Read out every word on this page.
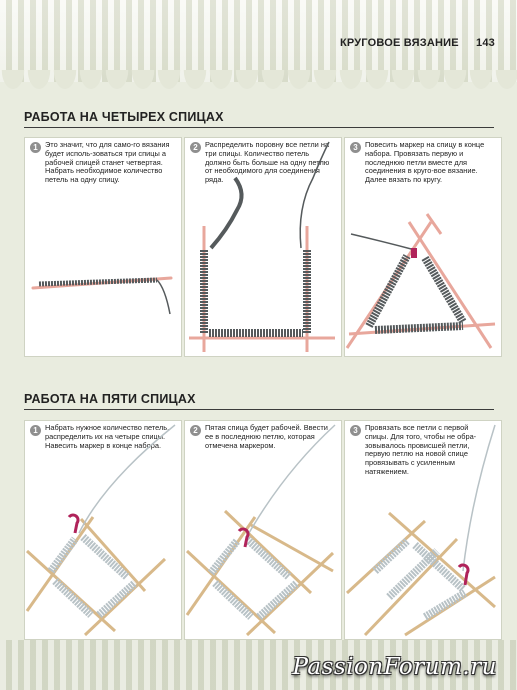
КРУГОВОЕ ВЯЗАНИЕ 143
РАБОТА НА ЧЕТЫРЕХ СПИЦАХ
1 Это значит, что для само-го вязания будет исполь-зоваться три спицы а рабочей спицей станет четвертая. Набрать необходимое количество петель на одну спицу.
2 Распределить поровну все петли на три спицы. Количество петель должно быть больше на одну петлю от необходимого для соединения ряда.
3 Повесить маркер на спицу в конце набора. Провязать первую и последнюю петли вместе для соединения в круго-вое вязание. Далее вязать по кругу.
РАБОТА НА ПЯТИ СПИЦАХ
1 Набрать нужное количество петель, распределить их на четыре спицы. Навесить маркер в конце набора.
2 Пятая спица будет рабочей. Ввести ее в последнюю петлю, которая отмечена маркером.
3 Провязать все петли с первой спицы. Для того, чтобы не обра-зовывалось провисшей петли, первую петлю на новой спице провязывать с усиленным натяжением.
PassionForum.ru
